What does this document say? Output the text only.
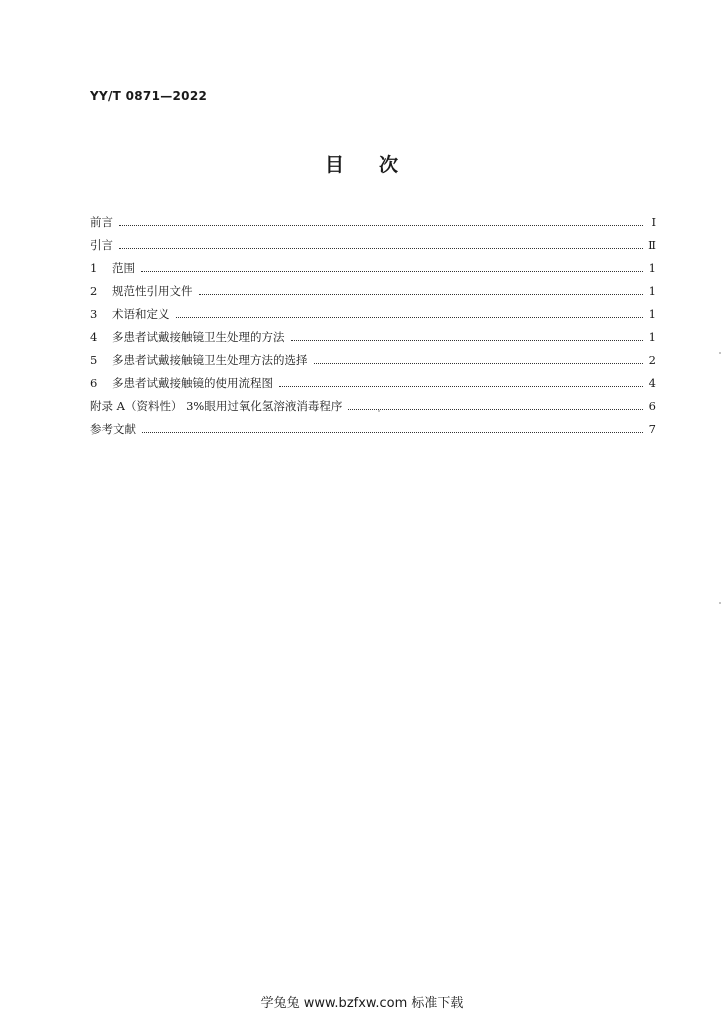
YY/T 0871—2022
目 次
前言	Ⅰ
引言	Ⅱ
1	范围	1
2	规范性引用文件	1
3	术语和定义	1
4	多患者试戴接触镜卫生处理的方法	1
5	多患者试戴接触镜卫生处理方法的选择	2
6	多患者试戴接触镜的使用流程图	4
附录 A（资料性） 3%眼用过氧化氢溶液消毒程序	6
参考文献	7
学兔兔 www.bzfxw.com 标准下载
